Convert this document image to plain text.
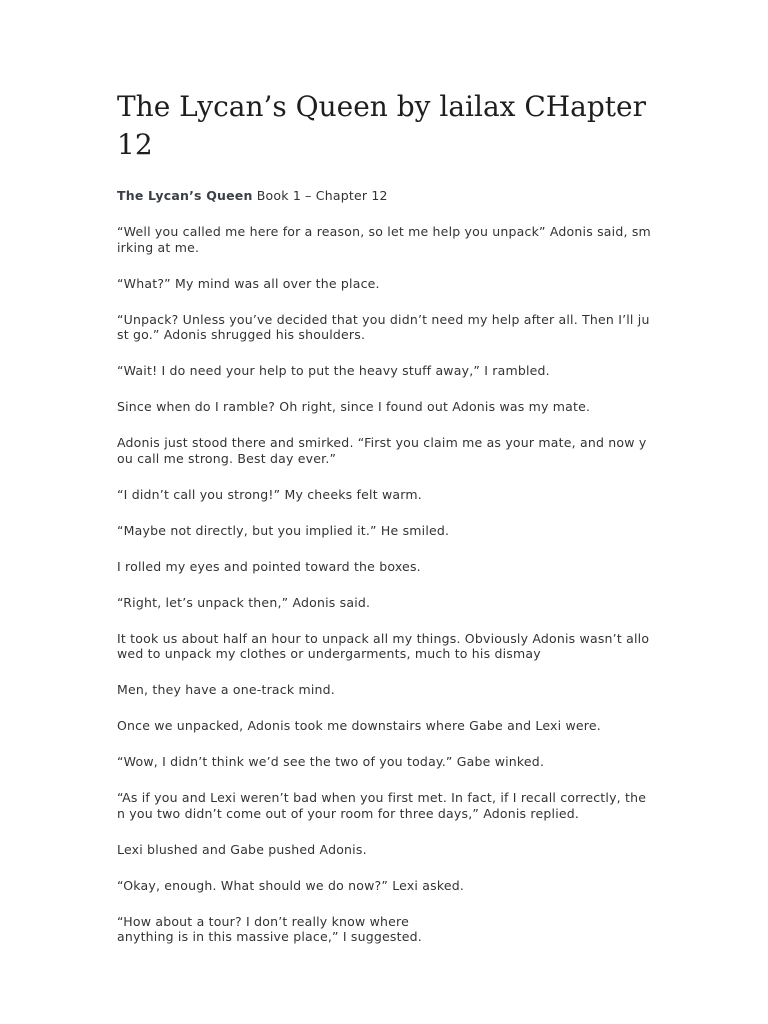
The Lycan’s Queen by lailax CHapter 12

The Lycan’s Queen Book 1 – Chapter 12

“Well you called me here for a reason, so let me help you unpack” Adonis said, smirking at me.

“What?” My mind was all over the place.

“Unpack? Unless you’ve decided that you didn’t need my help after all. Then I’ll just go.” Adonis shrugged his shoulders.

“Wait! I do need your help to put the heavy stuff away,” I rambled.

Since when do I ramble? Oh right, since I found out Adonis was my mate.

Adonis just stood there and smirked. “First you claim me as your mate, and now you call me strong. Best day ever.”

“I didn’t call you strong!” My cheeks felt warm.

“Maybe not directly, but you implied it.” He smiled.

I rolled my eyes and pointed toward the boxes.

“Right, let’s unpack then,” Adonis said.

It took us about half an hour to unpack all my things. Obviously Adonis wasn’t allowed to unpack my clothes or undergarments, much to his dismay

Men, they have a one-track mind.

Once we unpacked, Adonis took me downstairs where Gabe and Lexi were.

“Wow, I didn’t think we’d see the two of you today.” Gabe winked.

“As if you and Lexi weren’t bad when you first met. In fact, if I recall correctly, then you two didn’t come out of your room for three days,” Adonis replied.

Lexi blushed and Gabe pushed Adonis.

“Okay, enough. What should we do now?” Lexi asked.

“How about a tour? I don’t really know where
anything is in this massive place,” I suggested.
